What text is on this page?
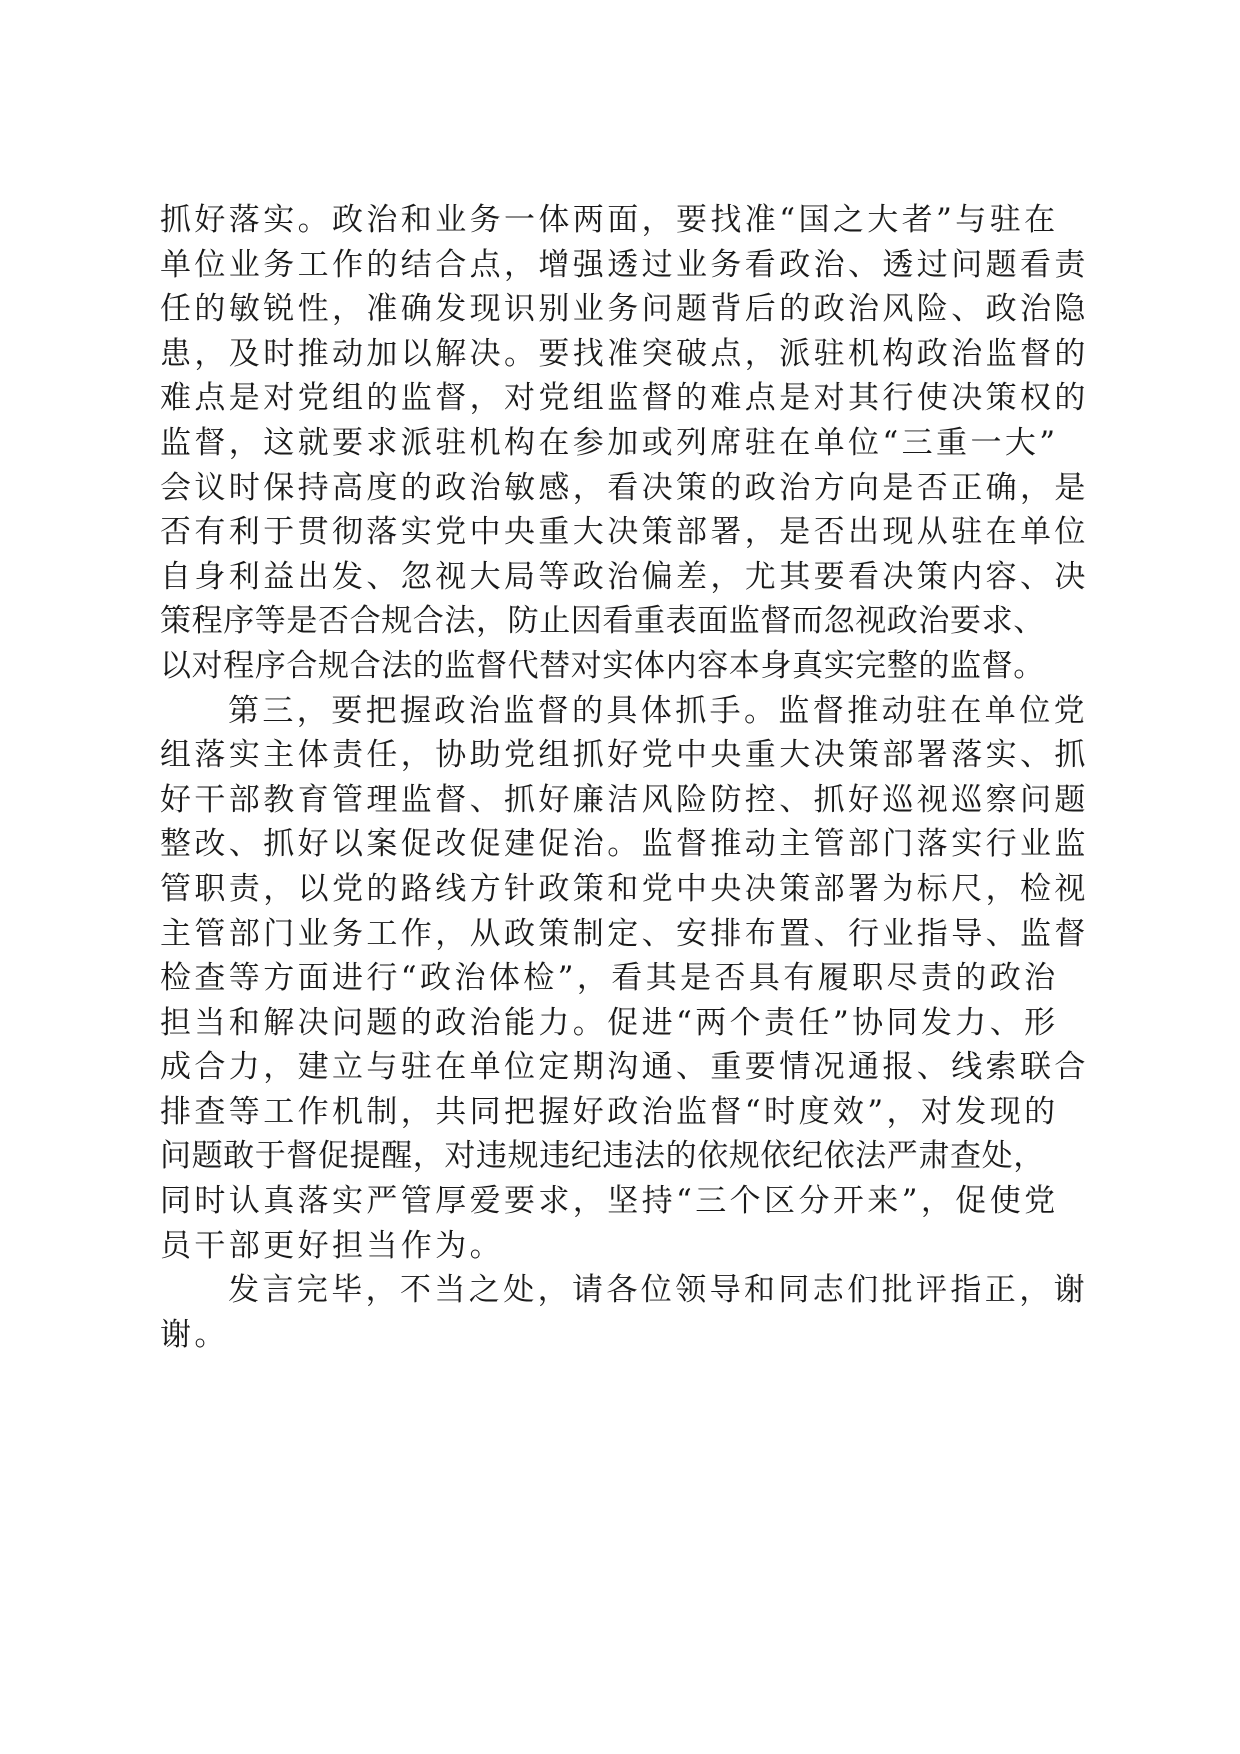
抓好落实。政治和业务一体两面，要找准“国之大者”与驻在
单位业务工作的结合点，增强透过业务看政治、透过问题看责
任的敏锐性，准确发现识别业务问题背后的政治风险、政治隐
患，及时推动加以解决。要找准突破点，派驻机构政治监督的
难点是对党组的监督，对党组监督的难点是对其行使决策权的
监督，这就要求派驻机构在参加或列席驻在单位“三重一大”
会议时保持高度的政治敏感，看决策的政治方向是否正确，是
否有利于贯彻落实党中央重大决策部署，是否出现从驻在单位
自身利益出发、忽视大局等政治偏差，尤其要看决策内容、决
策程序等是否合规合法，防止因看重表面监督而忽视政治要求、
以对程序合规合法的监督代替对实体内容本身真实完整的监督。
第三，要把握政治监督的具体抓手。监督推动驻在单位党
组落实主体责任，协助党组抓好党中央重大决策部署落实、抓
好干部教育管理监督、抓好廉洁风险防控、抓好巡视巡察问题
整改、抓好以案促改促建促治。监督推动主管部门落实行业监
管职责，以党的路线方针政策和党中央决策部署为标尺，检视
主管部门业务工作，从政策制定、安排布置、行业指导、监督
检查等方面进行“政治体检”，看其是否具有履职尽责的政治
担当和解决问题的政治能力。促进“两个责任”协同发力、形
成合力，建立与驻在单位定期沟通、重要情况通报、线索联合
排查等工作机制，共同把握好政治监督“时度效”，对发现的
问题敢于督促提醒，对违规违纪违法的依规依纪依法严肃查处，
同时认真落实严管厚爱要求，坚持“三个区分开来”，促使党
员干部更好担当作为。
发言完毕，不当之处，请各位领导和同志们批评指正，谢
谢。
